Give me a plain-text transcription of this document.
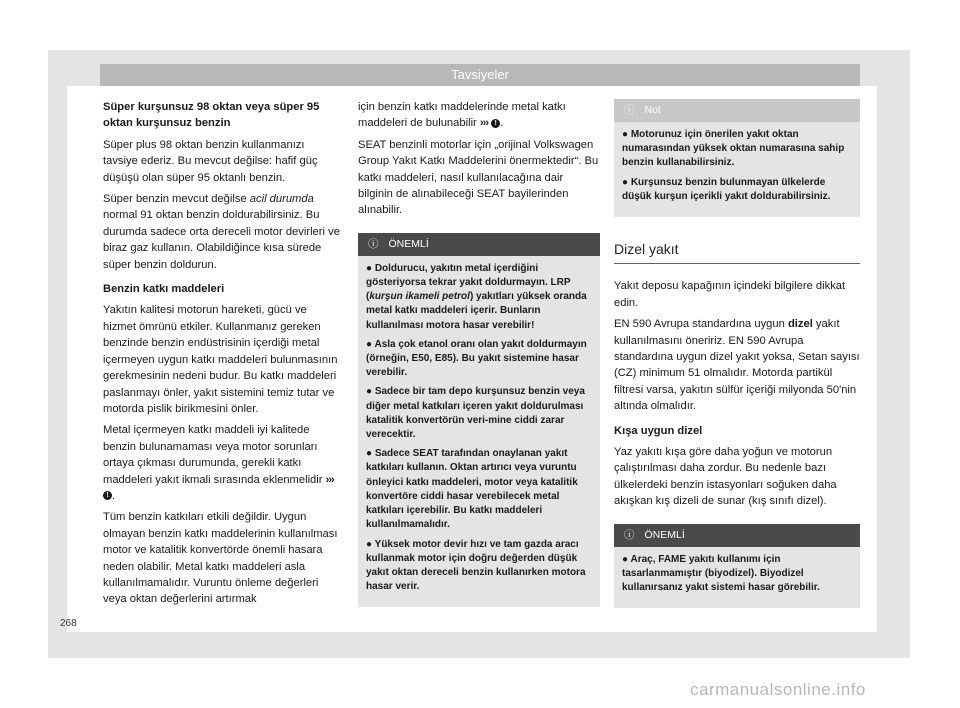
Tavsiyeler

Süper kurşunsuz 98 oktan veya süper 95 oktan kurşunsuz benzin

Süper plus 98 oktan benzin kullanmanızı tavsiye ederiz. Bu mevcut değilse: hafif güç düşüşü olan süper 95 oktanlı benzin.

Süper benzin mevcut değilse acil durumda normal 91 oktan benzin doldurabilirsiniz. Bu durumda sadece orta dereceli motor devirleri ve biraz gaz kullanın. Olabildiğince kısa sürede süper benzin doldurun.

Benzin katkı maddeleri

Yakıtın kalitesi motorun hareketi, gücü ve hizmet ömrünü etkiler. Kullanmanız gereken benzinde benzin endüstrisinin içerdiği metal içermeyen uygun katkı maddeleri bulunmasının gerekmesinin nedeni budur. Bu katkı maddeleri paslanmayı önler, yakıt sistemini temiz tutar ve motorda pislik birikmesini önler.

Metal içermeyen katkı maddeli iyi kalitede benzin bulunamaması veya motor sorunları ortaya çıkması durumunda, gerekli katkı maddeleri yakıt ikmali sırasında eklenmelidir ››› ! .

Tüm benzin katkıları etkili değildir. Uygun olmayan benzin katkı maddelerinin kullanılması motor ve katalitik konvertörde önemli hasara neden olabilir. Metal katkı maddeleri asla kullanılmamalıdır. Vuruntu önleme değerleri veya oktan değerlerini artırmak

için benzin katkı maddelerinde metal katkı maddeleri de bulunabilir ››› ! .

SEAT benzinli motorlar için „orijinal Volkswagen Group Yakıt Katkı Maddelerini önermektedir“. Bu katkı maddeleri, nasıl kullanılacağına dair bilginin de alınabileceği SEAT bayilerinden alınabilir.

ⓘ ÖNEMLİ
● Doldurucu, yakıtın metal içerdiğini gösteriyorsa tekrar yakıt doldurmayın. LRP (kurşun ikameli petrol) yakıtları yüksek oranda metal katkı maddeleri içerir. Bunların kullanılması motora hasar verebilir!
● Asla çok etanol oranı olan yakıt doldurmayın (örneğin, E50, E85). Bu yakıt sistemine hasar verebilir.
● Sadece bir tam depo kurşunsuz benzin veya diğer metal katkıları içeren yakıt doldurulması katalitik konvertörün veri‑mine ciddi zarar verecektir.
● Sadece SEAT tarafından onaylanan yakıt katkıları kullanın. Oktan artırıcı veya vuruntu önleyici katkı maddeleri, motor veya katalitik konvertöre ciddi hasar verebilecek metal katkıları içerebilir. Bu katkı maddeleri kullanılmamalıdır.
● Yüksek motor devir hızı ve tam gazda aracı kullanmak motor için doğru değerden düşük yakıt oktan dereceli benzin kullanırken motora hasar verir.
ⓘ Not
● Motorunuz için önerilen yakıt oktan numarasından yüksek oktan numarasına sahip benzin kullanabilirsiniz.
● Kurşunsuz benzin bulunmayan ülkelerde düşük kurşun içerikli yakıt doldurabilirsiniz.
Dizel yakıt

Yakıt deposu kapağının içindeki bilgilere dikkat edin.

EN 590 Avrupa standardına uygun dizel yakıt kullanılmasını öneririz. EN 590 Avrupa standardına uygun dizel yakıt yoksa, Setan sayısı (CZ) minimum 51 olmalıdır. Motorda partikül filtresi varsa, yakıtın sülfür içeriği milyonda 50'nin altında olmalıdır.

Kışa uygun dizel

Yaz yakıtı kışa göre daha yoğun ve motorun çalıştırılması daha zordur. Bu nedenle bazı ülkelerdeki benzin istasyonları soğuken daha akışkan kış dizeli de sunar (kış sınıfı dizel).

ⓘ ÖNEMLİ
● Araç, FAME yakıtı kullanımı için tasarlanmamıştır (biyodizel). Biyodizel kullanırsanız yakıt sistemi hasar görebilir.
268
carmanualsonline.info
